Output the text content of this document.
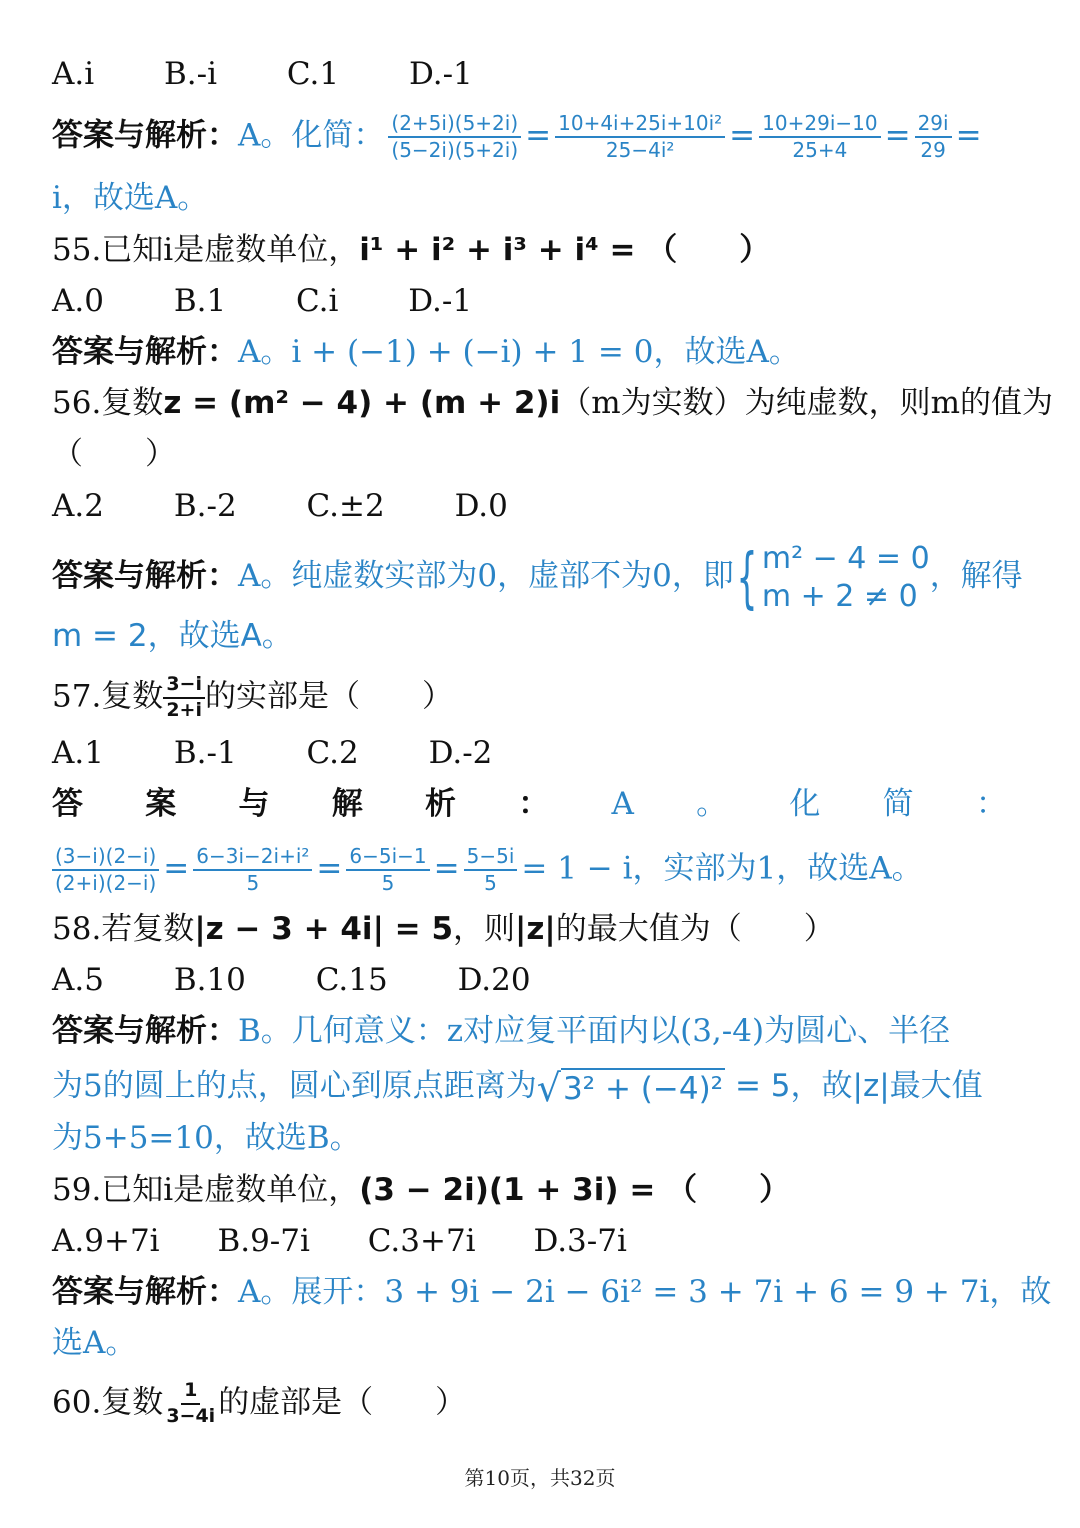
A.i B.-i C.1 D.-1
答案与解析：A。化简： $\frac{(2+5i)(5+2i)}{(5-2i)(5+2i)} = \frac{\text{10+4i+25i+10i²}}{\text{25−4i²}} = \frac{10+29i-10}{25+4} = \frac{29i}{29}$ =
i，故选A。
55.已知i是虚数单位，i¹ + i² + i³ + i⁴ = （　　）
A.0 B.1 C.i D.-1
答案与解析：A。i + (−1) + (−i) + 1 = 0，故选A。
56.复数z = (m² − 4) + (m + 2)i（m为实数）为纯虚数，则m的值为
（　　）
A.2 B.-2 C.±2 D.0
答案与解析：A。纯虚数实部为0，虚部不为0，即 { m² − 4 = 0
m + 2 ≠ 0
，解得
m = 2，故选A。
57.复数 $\frac{3-i}{2+i}$ 的实部是（　　）
A.1 B.-1 C.2 D.-2
答 案 与 解 析 ： A 。 化 简 ：
$\frac{(3-i)(2-i)}{(2+i)(2-i)} = \frac{\text{6−3i−2i+i²}}{5} = \frac{6-5i-1}{5} = \frac{5-5i}{5} = 1 - i$，实部为1，故选A。
58.若复数|z − 3 + 4i| = 5，则|z|的最大值为（　　）
A.5 B.10 C.15 D.20
答案与解析：B。几何意义：z对应复平面内以(3,-4)为圆心、半径
为5的圆上的点，圆心到原点距离为 √ 3² + (−4)² = 5，故|z|最大值
为5+5=10，故选B。
59.已知i是虚数单位，(3 − 2i)(1 + 3i) = （　　）
A.9+7i B.9-7i C.3+7i D.3-7i
答案与解析：A。展开：3 + 9i − 2i − 6i² = 3 + 7i + 6 = 9 + 7i，故
选A。
60.复数 $\frac{1}{3-4i}$ 的虚部是（　　）
第10页，共32页
